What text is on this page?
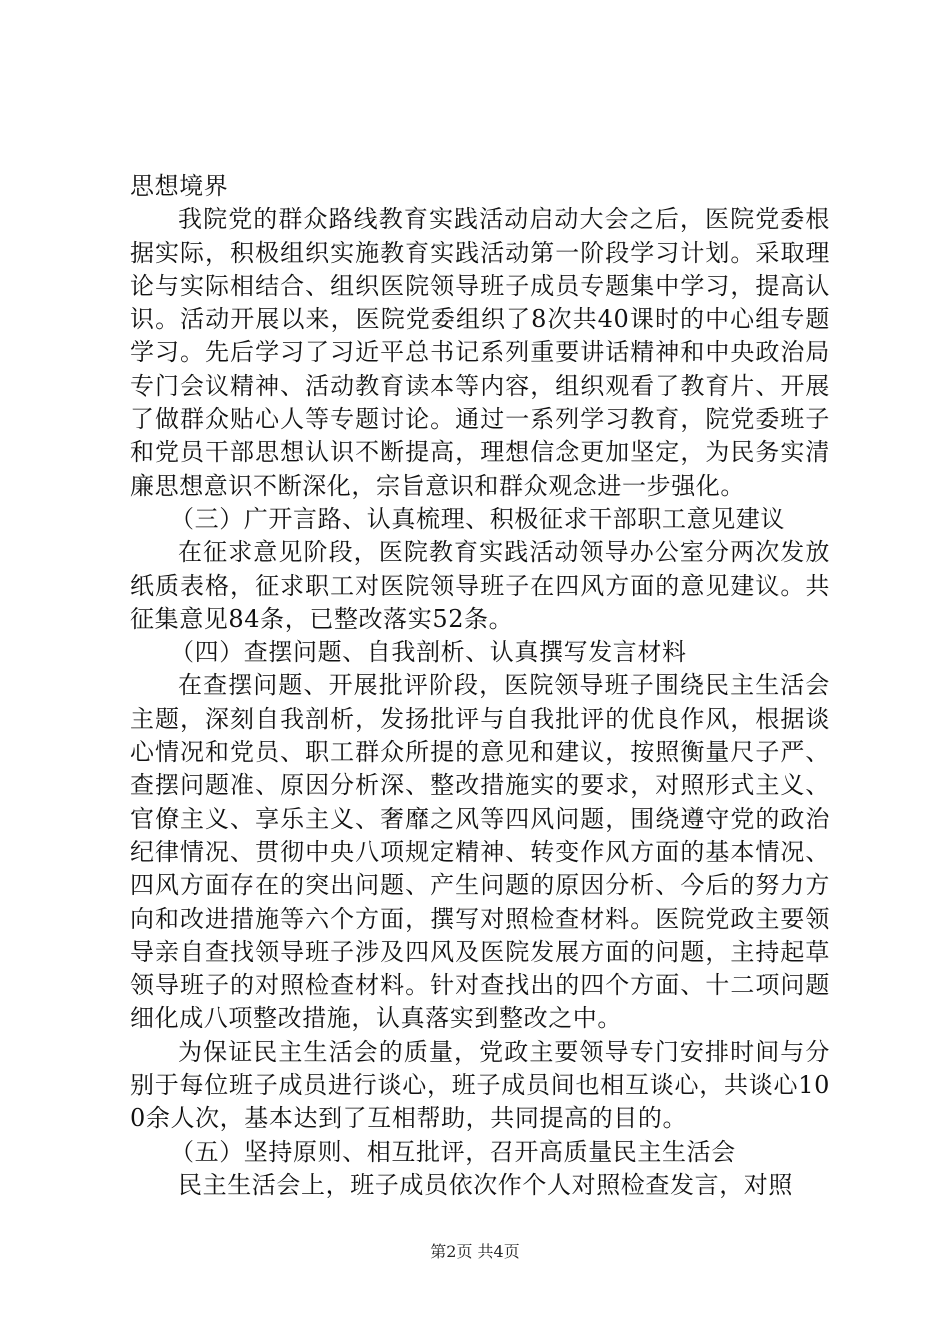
思想境界

我院党的群众路线教育实践活动启动大会之后，医院党委根据实际，积极组织实施教育实践活动第一阶段学习计划。采取理论与实际相结合、组织医院领导班子成员专题集中学习，提高认识。活动开展以来，医院党委组织了8次共40课时的中心组专题学习。先后学习了习近平总书记系列重要讲话精神和中央政治局专门会议精神、活动教育读本等内容，组织观看了教育片、开展了做群众贴心人等专题讨论。通过一系列学习教育，院党委班子和党员干部思想认识不断提高，理想信念更加坚定，为民务实清廉思想意识不断深化，宗旨意识和群众观念进一步强化。

（三）广开言路、认真梳理、积极征求干部职工意见建议

在征求意见阶段，医院教育实践活动领导办公室分两次发放纸质表格，征求职工对医院领导班子在四风方面的意见建议。共征集意见84条，已整改落实52条。

（四）查摆问题、自我剖析、认真撰写发言材料

在查摆问题、开展批评阶段，医院领导班子围绕民主生活会主题，深刻自我剖析，发扬批评与自我批评的优良作风，根据谈心情况和党员、职工群众所提的意见和建议，按照衡量尺子严、查摆问题准、原因分析深、整改措施实的要求，对照形式主义、官僚主义、享乐主义、奢靡之风等四风问题，围绕遵守党的政治纪律情况、贯彻中央八项规定精神、转变作风方面的基本情况、四风方面存在的突出问题、产生问题的原因分析、今后的努力方向和改进措施等六个方面，撰写对照检查材料。医院党政主要领导亲自查找领导班子涉及四风及医院发展方面的问题，主持起草领导班子的对照检查材料。针对查找出的四个方面、十二项问题细化成八项整改措施，认真落实到整改之中。

为保证民主生活会的质量，党政主要领导专门安排时间与分别于每位班子成员进行谈心，班子成员间也相互谈心，共谈心100余人次，基本达到了互相帮助，共同提高的目的。

（五）坚持原则、相互批评，召开高质量民主生活会

民主生活会上，班子成员依次作个人对照检查发言，对照

第2页 共4页
